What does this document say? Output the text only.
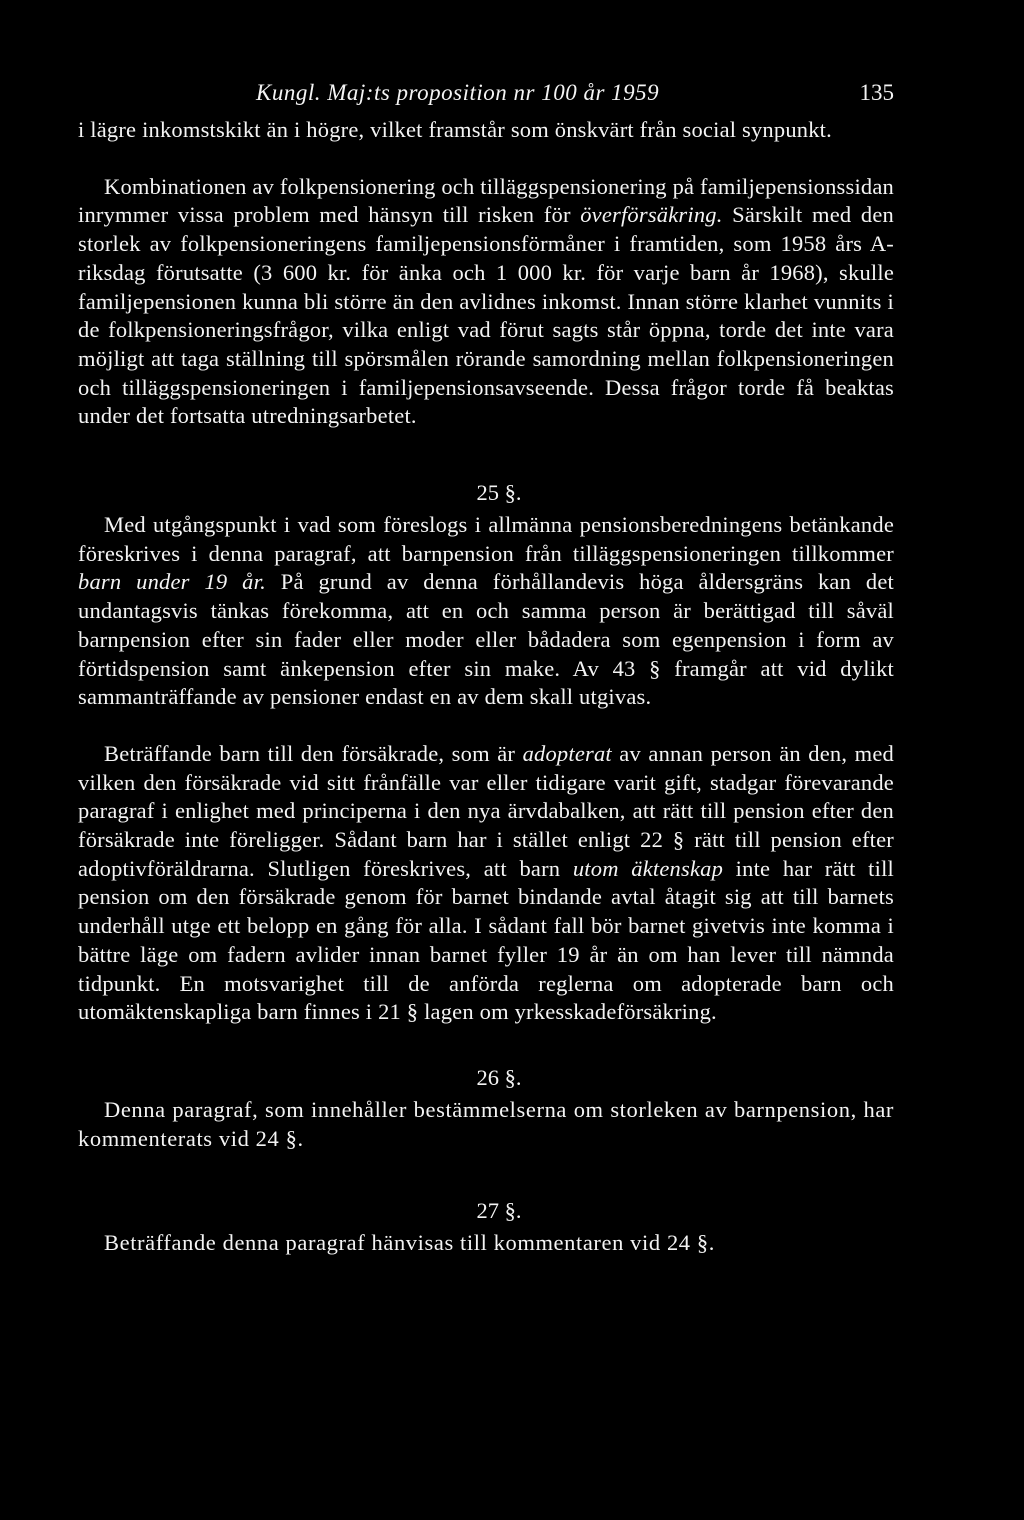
Kungl. Maj:ts proposition nr 100 år 1959	135

i lägre inkomstskikt än i högre, vilket framstår som önskvärt från social synpunkt.

Kombinationen av folkpensionering och tilläggspensionering på familjepensionssidan inrymmer vissa problem med hänsyn till risken för överförsäkring. Särskilt med den storlek av folkpensioneringens familjepensionsförmåner i framtiden, som 1958 års A-riksdag förutsatte (3 600 kr. för änka och 1 000 kr. för varje barn år 1968), skulle familjepensionen kunna bli större än den avlidnes inkomst. Innan större klarhet vunnits i de folkpensioneringsfrågor, vilka enligt vad förut sagts står öppna, torde det inte vara möjligt att taga ställning till spörsmålen rörande samordning mellan folkpensioneringen och tilläggspensioneringen i familjepensionsavseende. Dessa frågor torde få beaktas under det fortsatta utredningsarbetet.

25 §.

Med utgångspunkt i vad som föreslogs i allmänna pensionsberedningens betänkande föreskrives i denna paragraf, att barnpension från tilläggspensioneringen tillkommer barn under 19 år. På grund av denna förhållandevis höga åldersgräns kan det undantagsvis tänkas förekomma, att en och samma person är berättigad till såväl barnpension efter sin fader eller moder eller bådadera som egenpension i form av förtidspension samt änkepension efter sin make. Av 43 § framgår att vid dylikt sammanträffande av pensioner endast en av dem skall utgivas.

Beträffande barn till den försäkrade, som är adopterat av annan person än den, med vilken den försäkrade vid sitt frånfälle var eller tidigare varit gift, stadgar förevarande paragraf i enlighet med principerna i den nya ärvdabalken, att rätt till pension efter den försäkrade inte föreligger. Sådant barn har i stället enligt 22 § rätt till pension efter adoptivföräldrarna. Slutligen föreskrives, att barn utom äktenskap inte har rätt till pension om den försäkrade genom för barnet bindande avtal åtagit sig att till barnets underhåll utge ett belopp en gång för alla. I sådant fall bör barnet givetvis inte komma i bättre läge om fadern avlider innan barnet fyller 19 år än om han lever till nämnda tidpunkt. En motsvarighet till de anförda reglerna om adopterade barn och utomäktenskapliga barn finnes i 21 § lagen om yrkesskadeförsäkring.

26 §.

Denna paragraf, som innehåller bestämmelserna om storleken av barnpension, har kommenterats vid 24 §.

27 §.

Beträffande denna paragraf hänvisas till kommentaren vid 24 §.
